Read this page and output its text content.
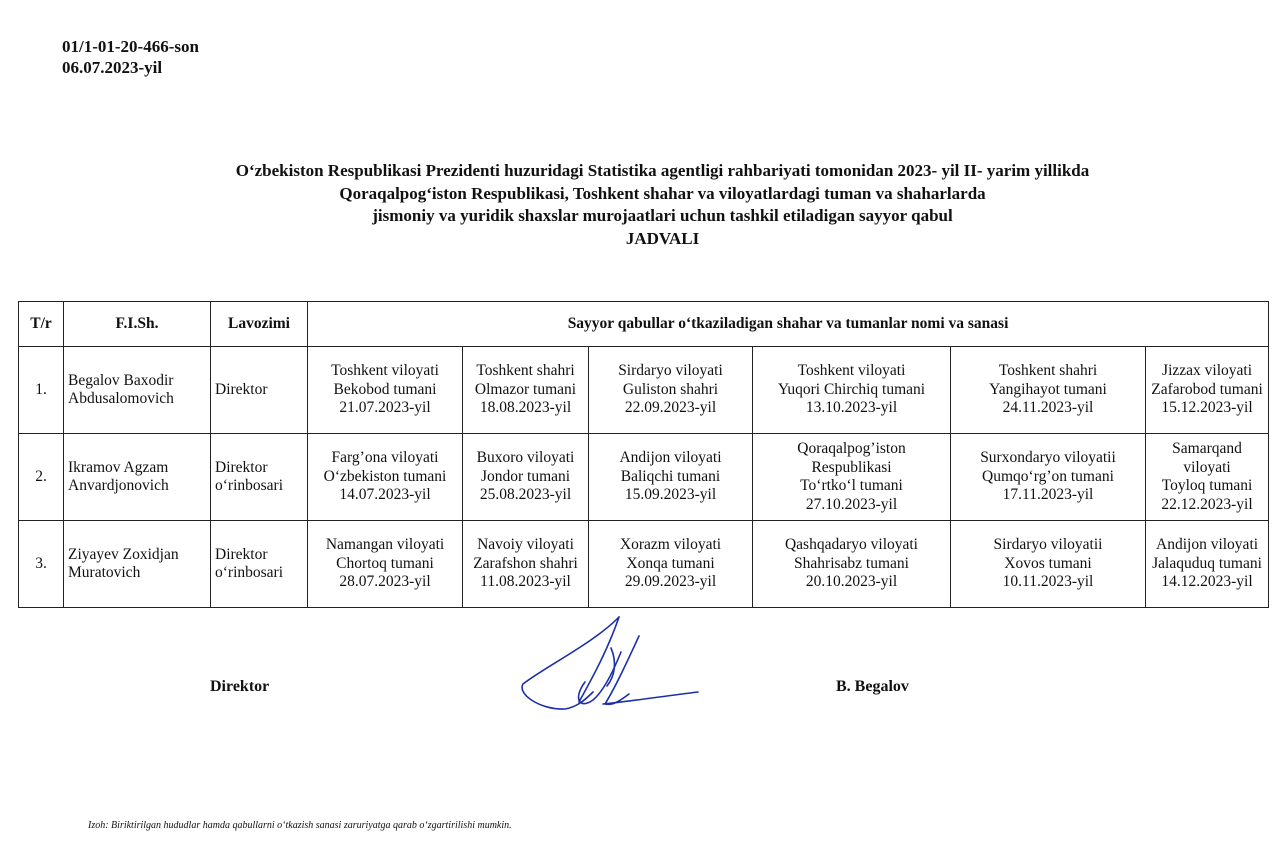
01/1-01-20-466-son
06.07.2023-yil
O‘zbekiston Respublikasi Prezidenti huzuridagi Statistika agentligi rahbariyati tomonidan 2023- yil II- yarim yillikda
Qoraqalpog‘iston Respublikasi, Toshkent shahar va viloyatlardagi tuman va shaharlarda
jismoniy va yuridik shaxslar murojaatlari uchun tashkil etiladigan sayyor qabul
JADVALI
T/r	F.I.Sh.	Lavozimi	Sayyor qabullar o‘tkaziladigan shahar va tumanlar nomi va sanasi					
1.	Begalov Baxodir Abdusalomovich	Direktor	Toshkent viloyati
Bekobod tumani
21.07.2023-yil	Toshkent shahri
Olmazor tumani
18.08.2023-yil	Sirdaryo viloyati
Guliston shahri
22.09.2023-yil	Toshkent viloyati
Yuqori Chirchiq tumani
13.10.2023-yil	Toshkent shahri
Yangihayot tumani
24.11.2023-yil	Jizzax viloyati
Zafarobod tumani
15.12.2023-yil

2.	Ikramov Agzam Anvardjonovich	Direktor o‘rinbosari	Farg’ona viloyati
O‘zbekiston tumani
14.07.2023-yil	Buxoro viloyati
Jondor tumani
25.08.2023-yil	Andijon viloyati
Baliqchi tumani
15.09.2023-yil	Qoraqalpog’iston
Respublikasi
To‘rtko‘l tumani
27.10.2023-yil	Surxondaryo viloyatii
Qumqo‘rg’on tumani
17.11.2023-yil	Samarqand
viloyati
Toyloq tumani
22.12.2023-yil

3.	Ziyayev Zoxidjan Muratovich	Direktor o‘rinbosari	Namangan viloyati
Chortoq tumani
28.07.2023-yil	Navoiy viloyati
Zarafshon shahri
11.08.2023-yil	Xorazm viloyati
Xonqa tumani
29.09.2023-yil	Qashqadaryo viloyati
Shahrisabz tumani
20.10.2023-yil	Sirdaryo viloyatii
Xovos tumani
10.11.2023-yil	Andijon viloyati
Jalaquduq tumani
14.12.2023-yil
Direktor	B. Begalov
Izoh: Biriktirilgan hududlar hamda qabullarni o‘tkazish sanasi zaruriyatga qarab o‘zgartirilishi mumkin.
